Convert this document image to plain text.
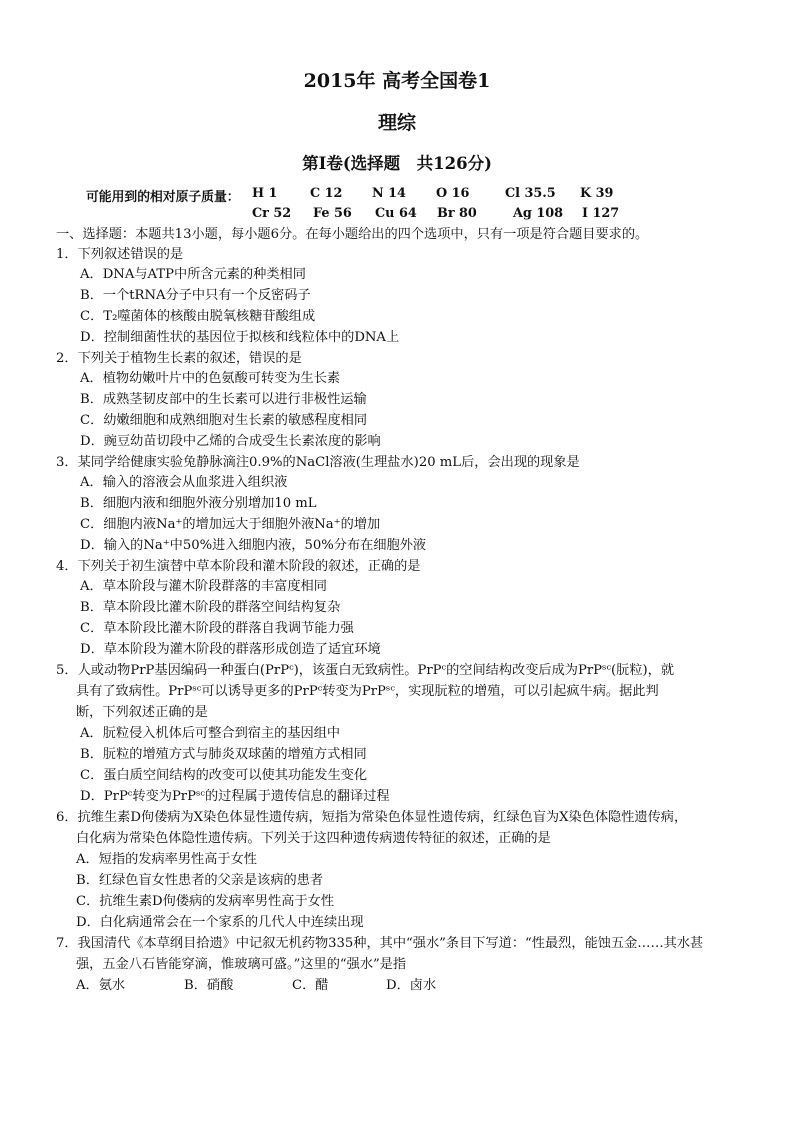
2015年 高考全国卷1
理综
第Ⅰ卷(选择题　共126分)
可能用到的相对原子质量： H 1	C 12 N 14 O 16	Cl 35.5 K 39
Cr 52 Fe 56 Cu 64 Br 80	Ag 108 I 127
一、选择题：本题共13小题，每小题6分。在每小题给出的四个选项中，只有一项是符合题目要求的。
1．下列叙述错误的是
A．DNA与ATP中所含元素的种类相同
B．一个tRNA分子中只有一个反密码子
C．T₂噬菌体的核酸由脱氧核糖苷酸组成
D．控制细菌性状的基因位于拟核和线粒体中的DNA上
2．下列关于植物生长素的叙述，错误的是
A．植物幼嫩叶片中的色氨酸可转变为生长素
B．成熟茎韧皮部中的生长素可以进行非极性运输
C．幼嫩细胞和成熟细胞对生长素的敏感程度相同
D．豌豆幼苗切段中乙烯的合成受生长素浓度的影响
3．某同学给健康实验兔静脉滴注0.9%的NaCl溶液(生理盐水)20 mL后，会出现的现象是
A．输入的溶液会从血浆进入组织液
B．细胞内液和细胞外液分别增加10 mL
C．细胞内液Na⁺的增加远大于细胞外液Na⁺的增加
D．输入的Na⁺中50%进入细胞内液，50%分布在细胞外液
4．下列关于初生演替中草本阶段和灌木阶段的叙述，正确的是
A．草本阶段与灌木阶段群落的丰富度相同
B．草本阶段比灌木阶段的群落空间结构复杂
C．草本阶段比灌木阶段的群落自我调节能力强
D．草本阶段为灌木阶段的群落形成创造了适宜环境
5．人或动物PrP基因编码一种蛋白(PrPᶜ)，该蛋白无致病性。PrPᶜ的空间结构改变后成为PrPˢᶜ(朊粒)，就
具有了致病性。PrPˢᶜ可以诱导更多的PrPᶜ转变为PrPˢᶜ，实现朊粒的增殖，可以引起疯牛病。据此判
断，下列叙述正确的是
A．朊粒侵入机体后可整合到宿主的基因组中
B．朊粒的增殖方式与肺炎双球菌的增殖方式相同
C．蛋白质空间结构的改变可以使其功能发生变化
D．PrPᶜ转变为PrPˢᶜ的过程属于遗传信息的翻译过程
6．抗维生素D佝偻病为X染色体显性遗传病，短指为常染色体显性遗传病，红绿色盲为X染色体隐性遗传病，
白化病为常染色体隐性遗传病。下列关于这四种遗传病遗传特征的叙述，正确的是
A．短指的发病率男性高于女性
B．红绿色盲女性患者的父亲是该病的患者
C．抗维生素D佝偻病的发病率男性高于女性
D．白化病通常会在一个家系的几代人中连续出现
7．我国清代《本草纲目拾遗》中记叙无机药物335种，其中“强水”条目下写道：“性最烈，能蚀五金……其水甚
强，五金八石皆能穿滴，惟玻璃可盛。”这里的“强水”是指
A．氨水	B．硝酸	C．醋	D．卤水
